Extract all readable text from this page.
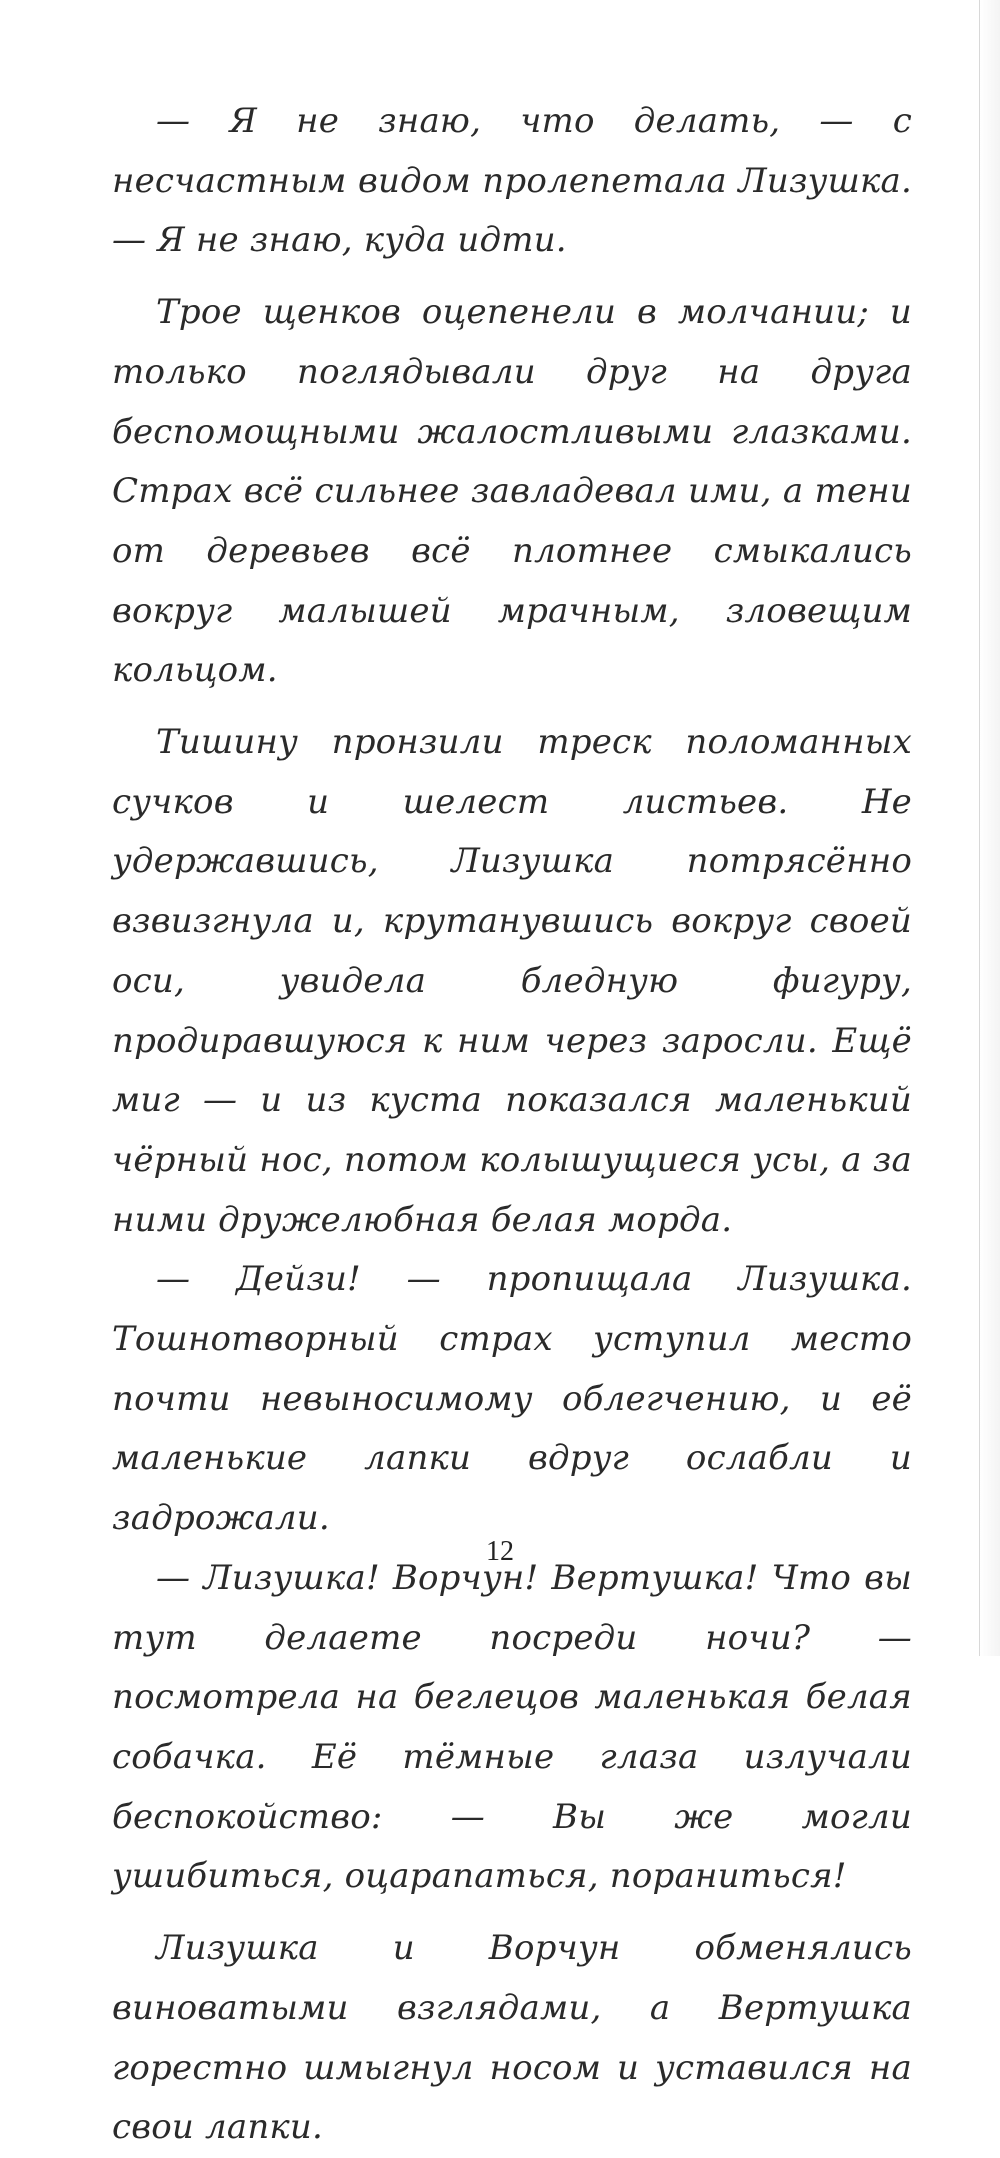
— Я не знаю, что делать, — с несчастным видом пролепетала Лизушка. — Я не знаю, куда идти.

Трое щенков оцепенели в молчании; и только поглядывали друг на друга беспомощными жалостливыми глазками. Страх всё сильнее завладевал ими, а тени от деревьев всё плотнее смыкались вокруг малышей мрачным, зловещим кольцом.

Тишину пронзили треск поломанных сучков и шелест листьев. Не удержавшись, Лизушка потрясённо взвизгнула и, крутанувшись вокруг своей оси, увидела бледную фигуру, продиравшуюся к ним через заросли. Ещё миг — и из куста показался маленький чёрный нос, потом колышущиеся усы, а за ними дружелюбная белая морда.

— Дейзи! — пропищала Лизушка. Тошнотворный страх уступил место почти невыносимому облегчению, и её маленькие лапки вдруг ослабли и задрожали.

— Лизушка! Ворчун! Вертушка! Что вы тут делаете посреди ночи? — посмотрела на беглецов маленькая белая собачка. Её тёмные глаза излучали беспокойство: — Вы же могли ушибиться, оцарапаться, пораниться!

Лизушка и Ворчун обменялись виноватыми взглядами, а Вертушка горестно шмыгнул носом и уставился на свои лапки.

12
